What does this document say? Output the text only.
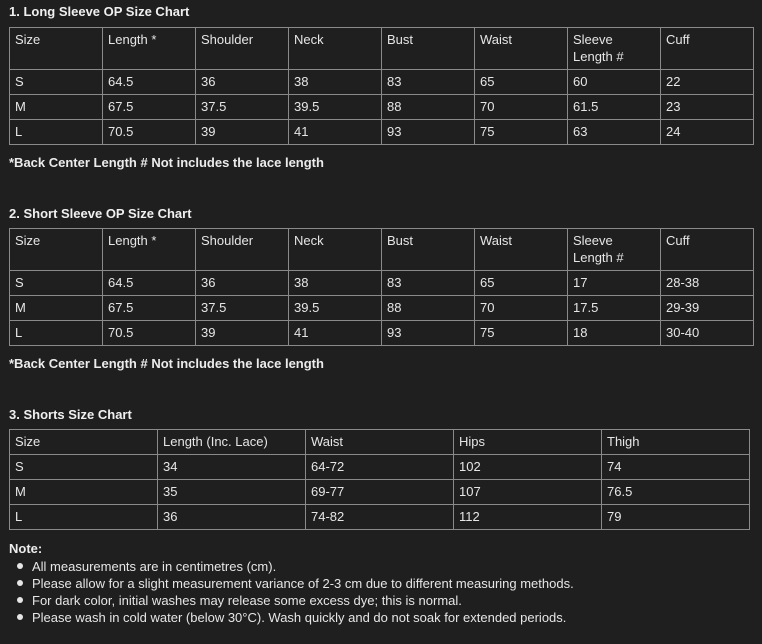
1. Long Sleeve OP Size Chart
Size	Length *	Shoulder	Neck	Bust	Waist	Sleeve Length #	Cuff
S	64.5	36	38	83	65	60	22
M	67.5	37.5	39.5	88	70	61.5	23
L	70.5	39	41	93	75	63	24
*Back Center Length # Not includes the lace length
2. Short Sleeve OP Size Chart
Size	Length *	Shoulder	Neck	Bust	Waist	Sleeve Length #	Cuff
S	64.5	36	38	83	65	17	28-38
M	67.5	37.5	39.5	88	70	17.5	29-39
L	70.5	39	41	93	75	18	30-40
*Back Center Length # Not includes the lace length
3. Shorts Size Chart
Size	Length (Inc. Lace)	Waist	Hips	Thigh
S	34	64-72	102	74
M	35	69-77	107	76.5
L	36	74-82	112	79
Note:
All measurements are in centimetres (cm).
Please allow for a slight measurement variance of 2-3 cm due to different measuring methods.
For dark color, initial washes may release some excess dye; this is normal.
Please wash in cold water (below 30°C). Wash quickly and do not soak for extended periods.
